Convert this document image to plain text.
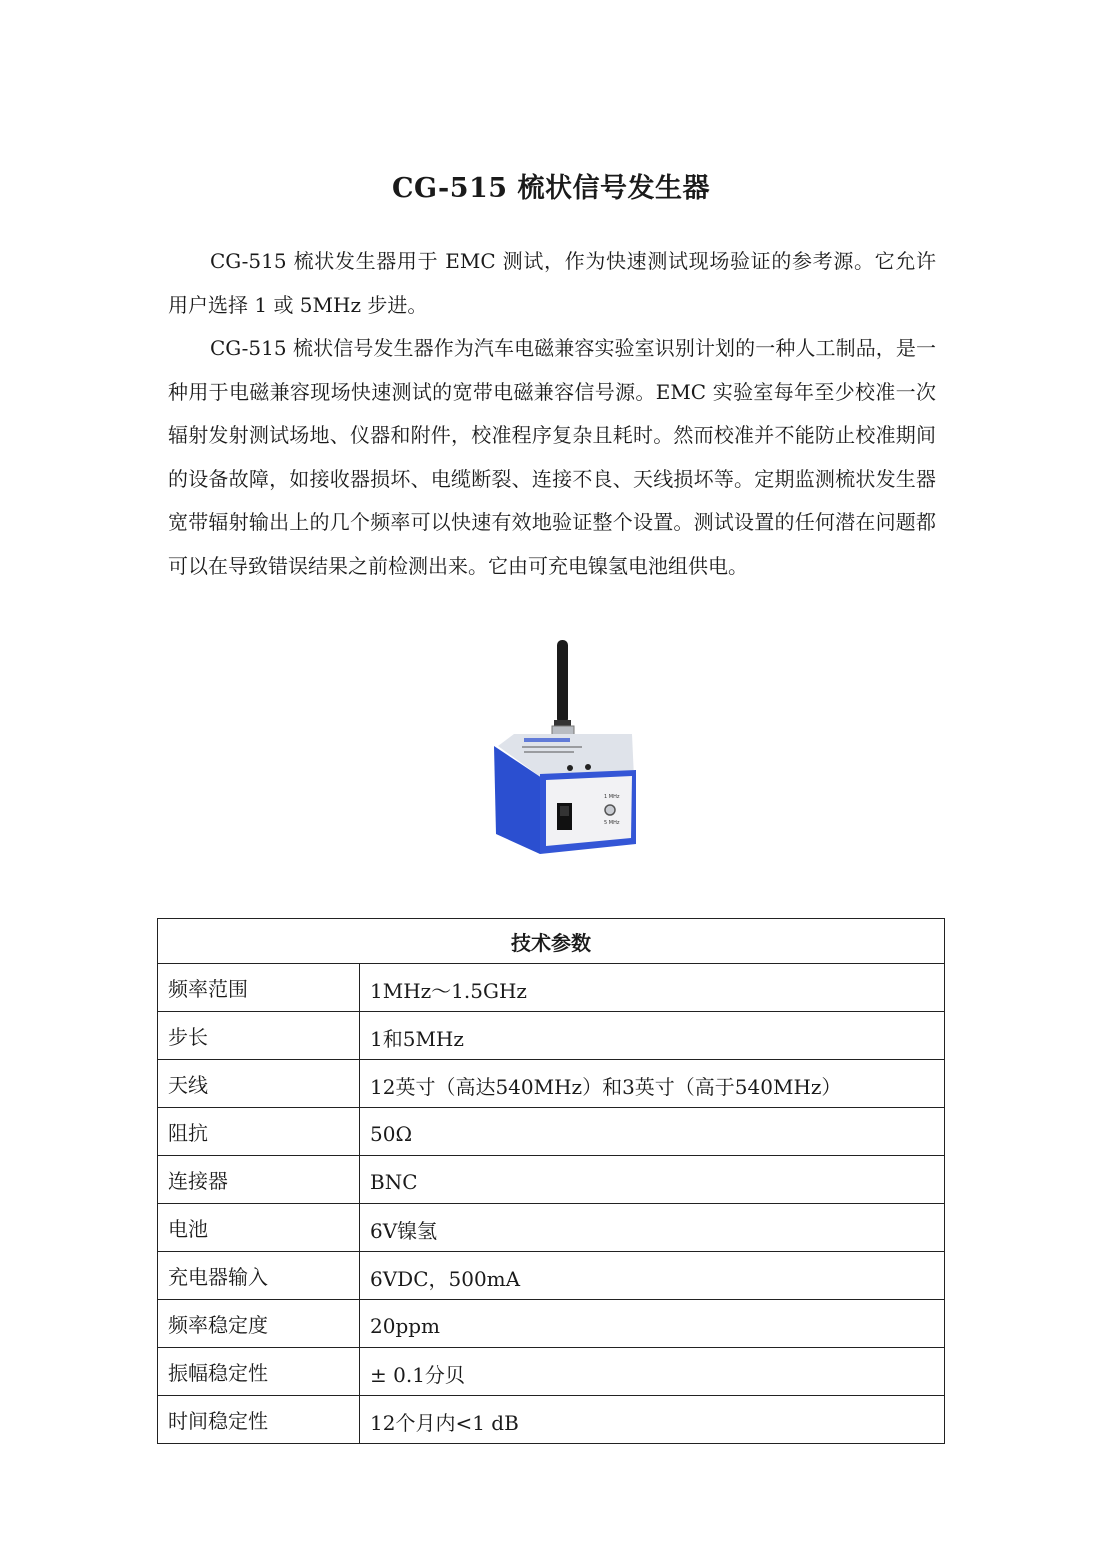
CG-515 梳状信号发生器

CG-515 梳状发生器用于 EMC 测试，作为快速测试现场验证的参考源。它允许用户选择 1 或 5MHz 步进。

CG-515 梳状信号发生器作为汽车电磁兼容实验室识别计划的一种人工制品，是一种用于电磁兼容现场快速测试的宽带电磁兼容信号源。EMC 实验室每年至少校准一次辐射发射测试场地、仪器和附件，校准程序复杂且耗时。然而校准并不能防止校准期间的设备故障，如接收器损坏、电缆断裂、连接不良、天线损坏等。定期监测梳状发生器宽带辐射输出上的几个频率可以快速有效地验证整个设置。测试设置的任何潜在问题都可以在导致错误结果之前检测出来。它由可充电镍氢电池组供电。

1 MHz
5 MHz
技术参数	
频率范围	1MHz～1.5GHz
步长	1和5MHz
天线	12英寸（高达540MHz）和3英寸（高于540MHz）
阻抗	50Ω
连接器	BNC
电池	6V镍氢
充电器输入	6VDC，500mA
频率稳定度	20ppm
振幅稳定性	± 0.1分贝
时间稳定性	12个月内<1 dB
